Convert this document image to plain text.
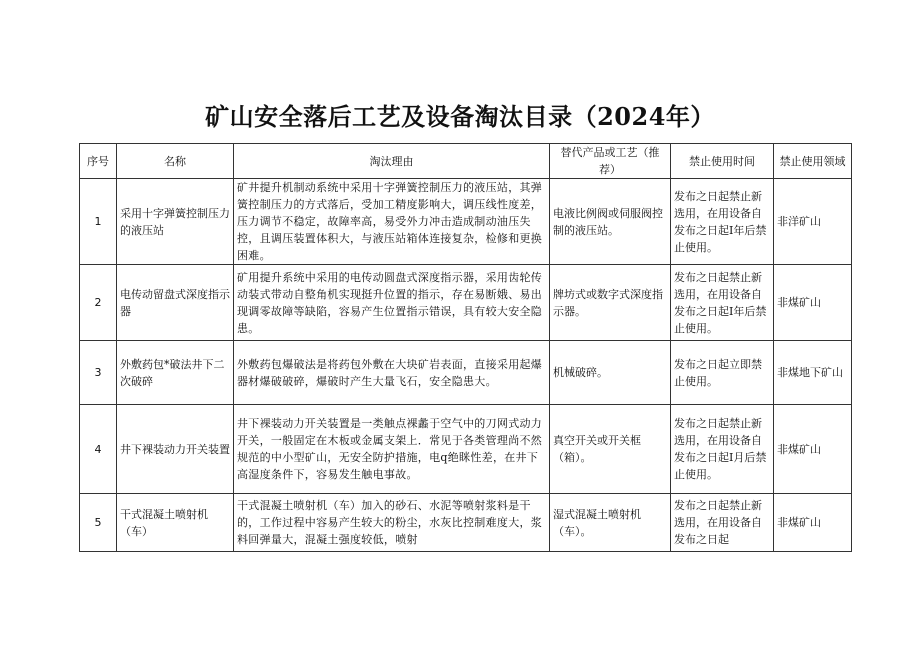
矿山安全落后工艺及设备淘汰目录（2024年）
序号	名称	淘汰理由	替代产品或工艺（推荐）	禁止使用时间	禁止使用领域
1	采用十字弹簧控制压力的液压站	矿井提升机制动系统中采用十字弹簧控制压力的液压站，其弹簧控制压力的方式落后，受加工精度影响大，调压线性度差，压力调节不稳定，故障率高，易受外力冲击造成制动油压失控，且调压装置体积大，与液压站箱体连接复杂，检修和更换困难。	电液比例阀或伺服阀控制的液压站。	发布之日起禁止新选用，在用设备自发布之日起Ⅰ年后禁止使用。	非洋矿山
2	电传动留盘式深度指示器	矿用提升系统中采用的电传动圆盘式深度指示器，采用齿轮传动装式带动自整角机实现挺升位置的指示，存在易断娥、易出现调零故障等缺陷，容易产生位置指示错误，具有较大安全隐患。	牌坊式或数字式深度指示器。	发布之日起禁止新选用，在用设备自发布之日起Ⅰ年后禁止使用。	非煤矿山
3	外敷药包*破法井下二次破碎	外敷药包爆破法是将药包外敷在大块矿岩表面，直接采用起爆器材爆破破碎，爆破时产生大量飞石，安全隐患大。	机械破碎。	发布之日起立即禁止使用。	非煤地下矿山
4	井下裸装动力开关装置	井下裸装动力开关装置是一类触点裸蠡于空气中的刀网式动力开关，一般固定在木板或金属支架上．常见于各类管理尚不然规范的中小型矿山，无安全防护措施，电q绝眯性差，在井下高湿度条件下，容易发生触电事故。	真空开关或开关框（箱）。	发布之日起禁止新选用，在用设备自发布之日起Ⅰ月后禁止使用。	非煤矿山
5	干式混凝土喷射机（车）	干式混凝土喷射机（车）加入的砂石、水泥等喷射浆料是干的，工作过程中容易产生较大的粉尘，水灰比控制难度大，浆料回弹量大，混凝土强度较低，喷射	湿式混凝土喷射机（车）。	发布之日起禁止新选用，在用设备自发布之日起	非煤矿山
